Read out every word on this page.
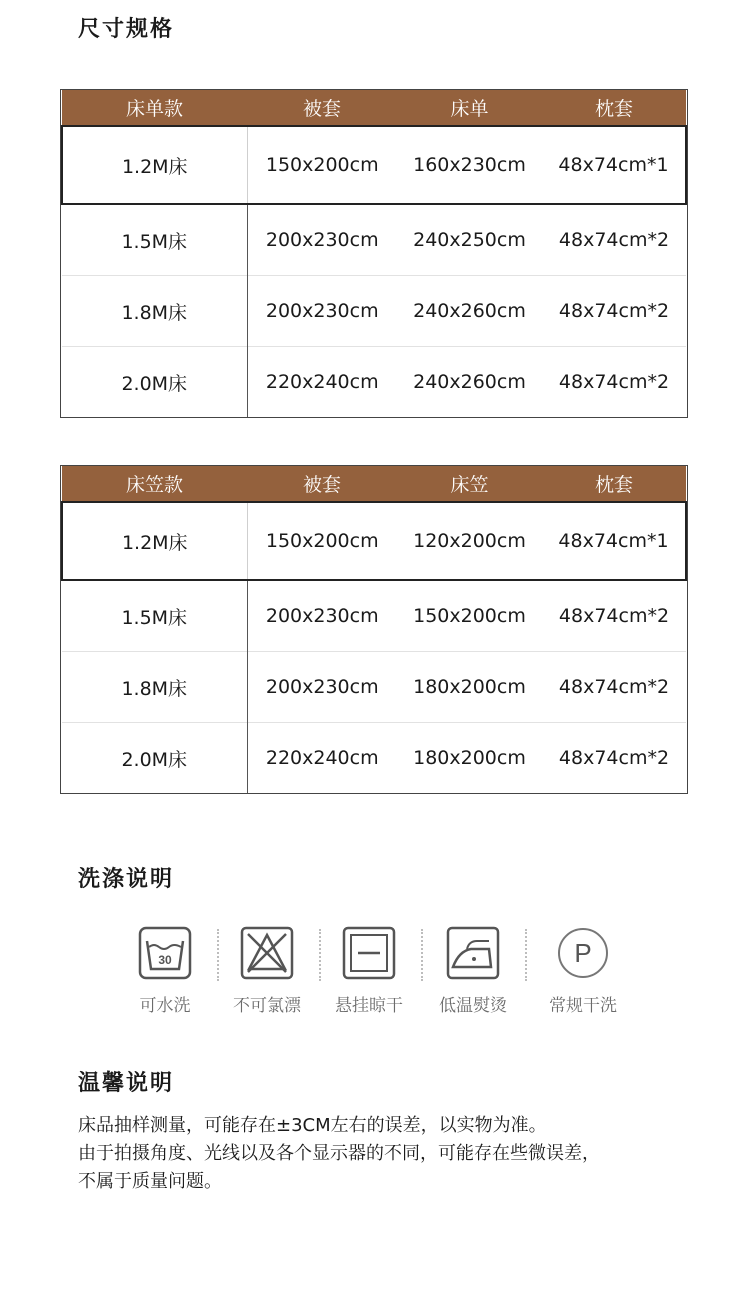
尺寸规格
床单款	被套	床单	枕套
1.2M床	150x200cm	160x230cm	48x74cm*1
1.5M床	200x230cm	240x250cm	48x74cm*2
1.8M床	200x230cm	240x260cm	48x74cm*2
2.0M床	220x240cm	240x260cm	48x74cm*2
床笠款	被套	床笠	枕套
1.2M床	150x200cm	120x200cm	48x74cm*1
1.5M床	200x230cm	150x200cm	48x74cm*2
1.8M床	200x230cm	180x200cm	48x74cm*2
2.0M床	220x240cm	180x200cm	48x74cm*2
洗涤说明
30
可水洗	不可氯漂	悬挂晾干	低温熨烫
P
常规干洗
温馨说明

床品抽样测量，可能存在±3CM左右的误差，以实物为准。

由于拍摄角度、光线以及各个显示器的不同，可能存在些微误差，

不属于质量问题。
